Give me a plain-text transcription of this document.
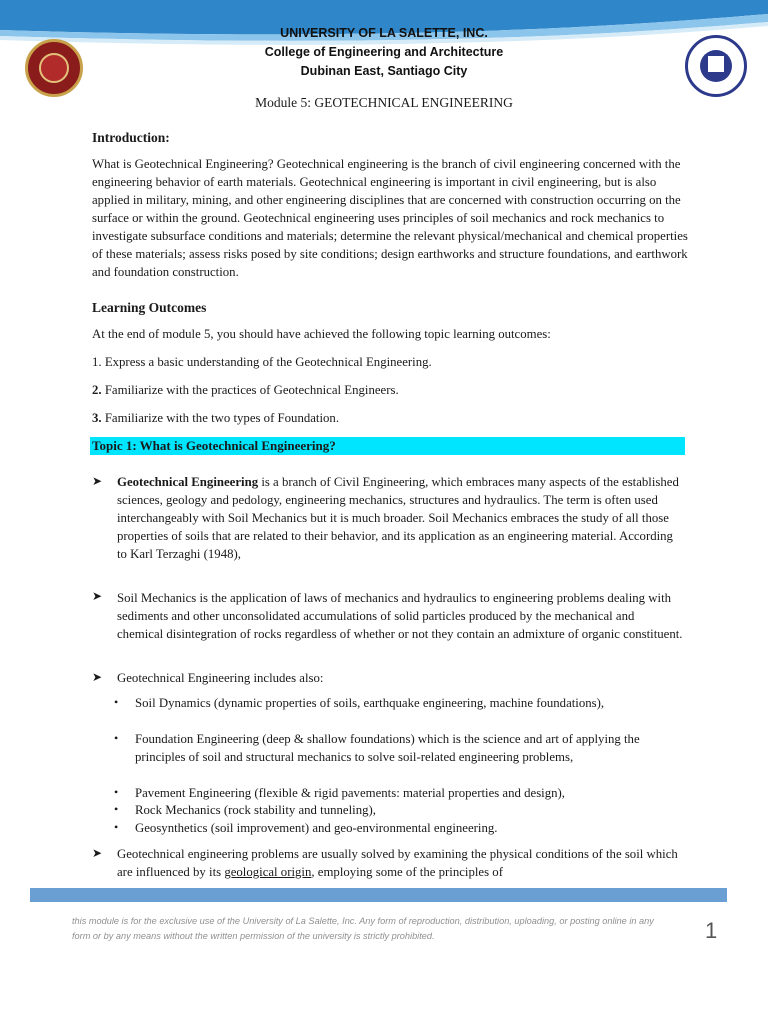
UNIVERSITY OF LA SALETTE, INC.
College of Engineering and Architecture
Dubinan East, Santiago City
Module 5: GEOTECHNICAL ENGINEERING
Introduction:
What is Geotechnical Engineering? Geotechnical engineering is the branch of civil engineering concerned with the engineering behavior of earth materials. Geotechnical engineering is important in civil engineering, but is also applied in military, mining, and other engineering disciplines that are concerned with construction occurring on the surface or within the ground. Geotechnical engineering uses principles of soil mechanics and rock mechanics to investigate subsurface conditions and materials; determine the relevant physical/mechanical and chemical properties of these materials; assess risks posed by site conditions; design earthworks and structure foundations, and earthwork and foundation construction.
Learning Outcomes
At the end of module 5, you should have achieved the following topic learning outcomes:
1. Express a basic understanding of the Geotechnical Engineering.
2. Familiarize with the practices of Geotechnical Engineers.
3. Familiarize with the two types of Foundation.
Topic 1: What is Geotechnical Engineering?
➤ Geotechnical Engineering is a branch of Civil Engineering, which embraces many aspects of the established sciences, geology and pedology, engineering mechanics, structures and hydraulics. The term is often used interchangeably with Soil Mechanics but it is much broader. Soil Mechanics embraces the study of all those properties of soils that are related to their behavior, and its application as an engineering material. According to Karl Terzaghi (1948),
➤ Soil Mechanics is the application of laws of mechanics and hydraulics to engineering problems dealing with sediments and other unconsolidated accumulations of solid particles produced by the mechanical and chemical disintegration of rocks regardless of whether or not they contain an admixture of organic constituent.
➤ Geotechnical Engineering includes also:
• Soil Dynamics (dynamic properties of soils, earthquake engineering, machine foundations),
• Foundation Engineering (deep & shallow foundations) which is the science and art of applying the principles of soil and structural mechanics to solve soil-related engineering problems,
• Pavement Engineering (flexible & rigid pavements: material properties and design),
• Rock Mechanics (rock stability and tunneling),
• Geosynthetics (soil improvement) and geo-environmental engineering.
➤ Geotechnical engineering problems are usually solved by examining the physical conditions of the soil which are influenced by its geological origin, employing some of the principles of
this module is for the exclusive use of the University of La Salette, Inc. Any form of reproduction, distribution, uploading, or posting online in any form or by any means without the written permission of the university is strictly prohibited.	1
